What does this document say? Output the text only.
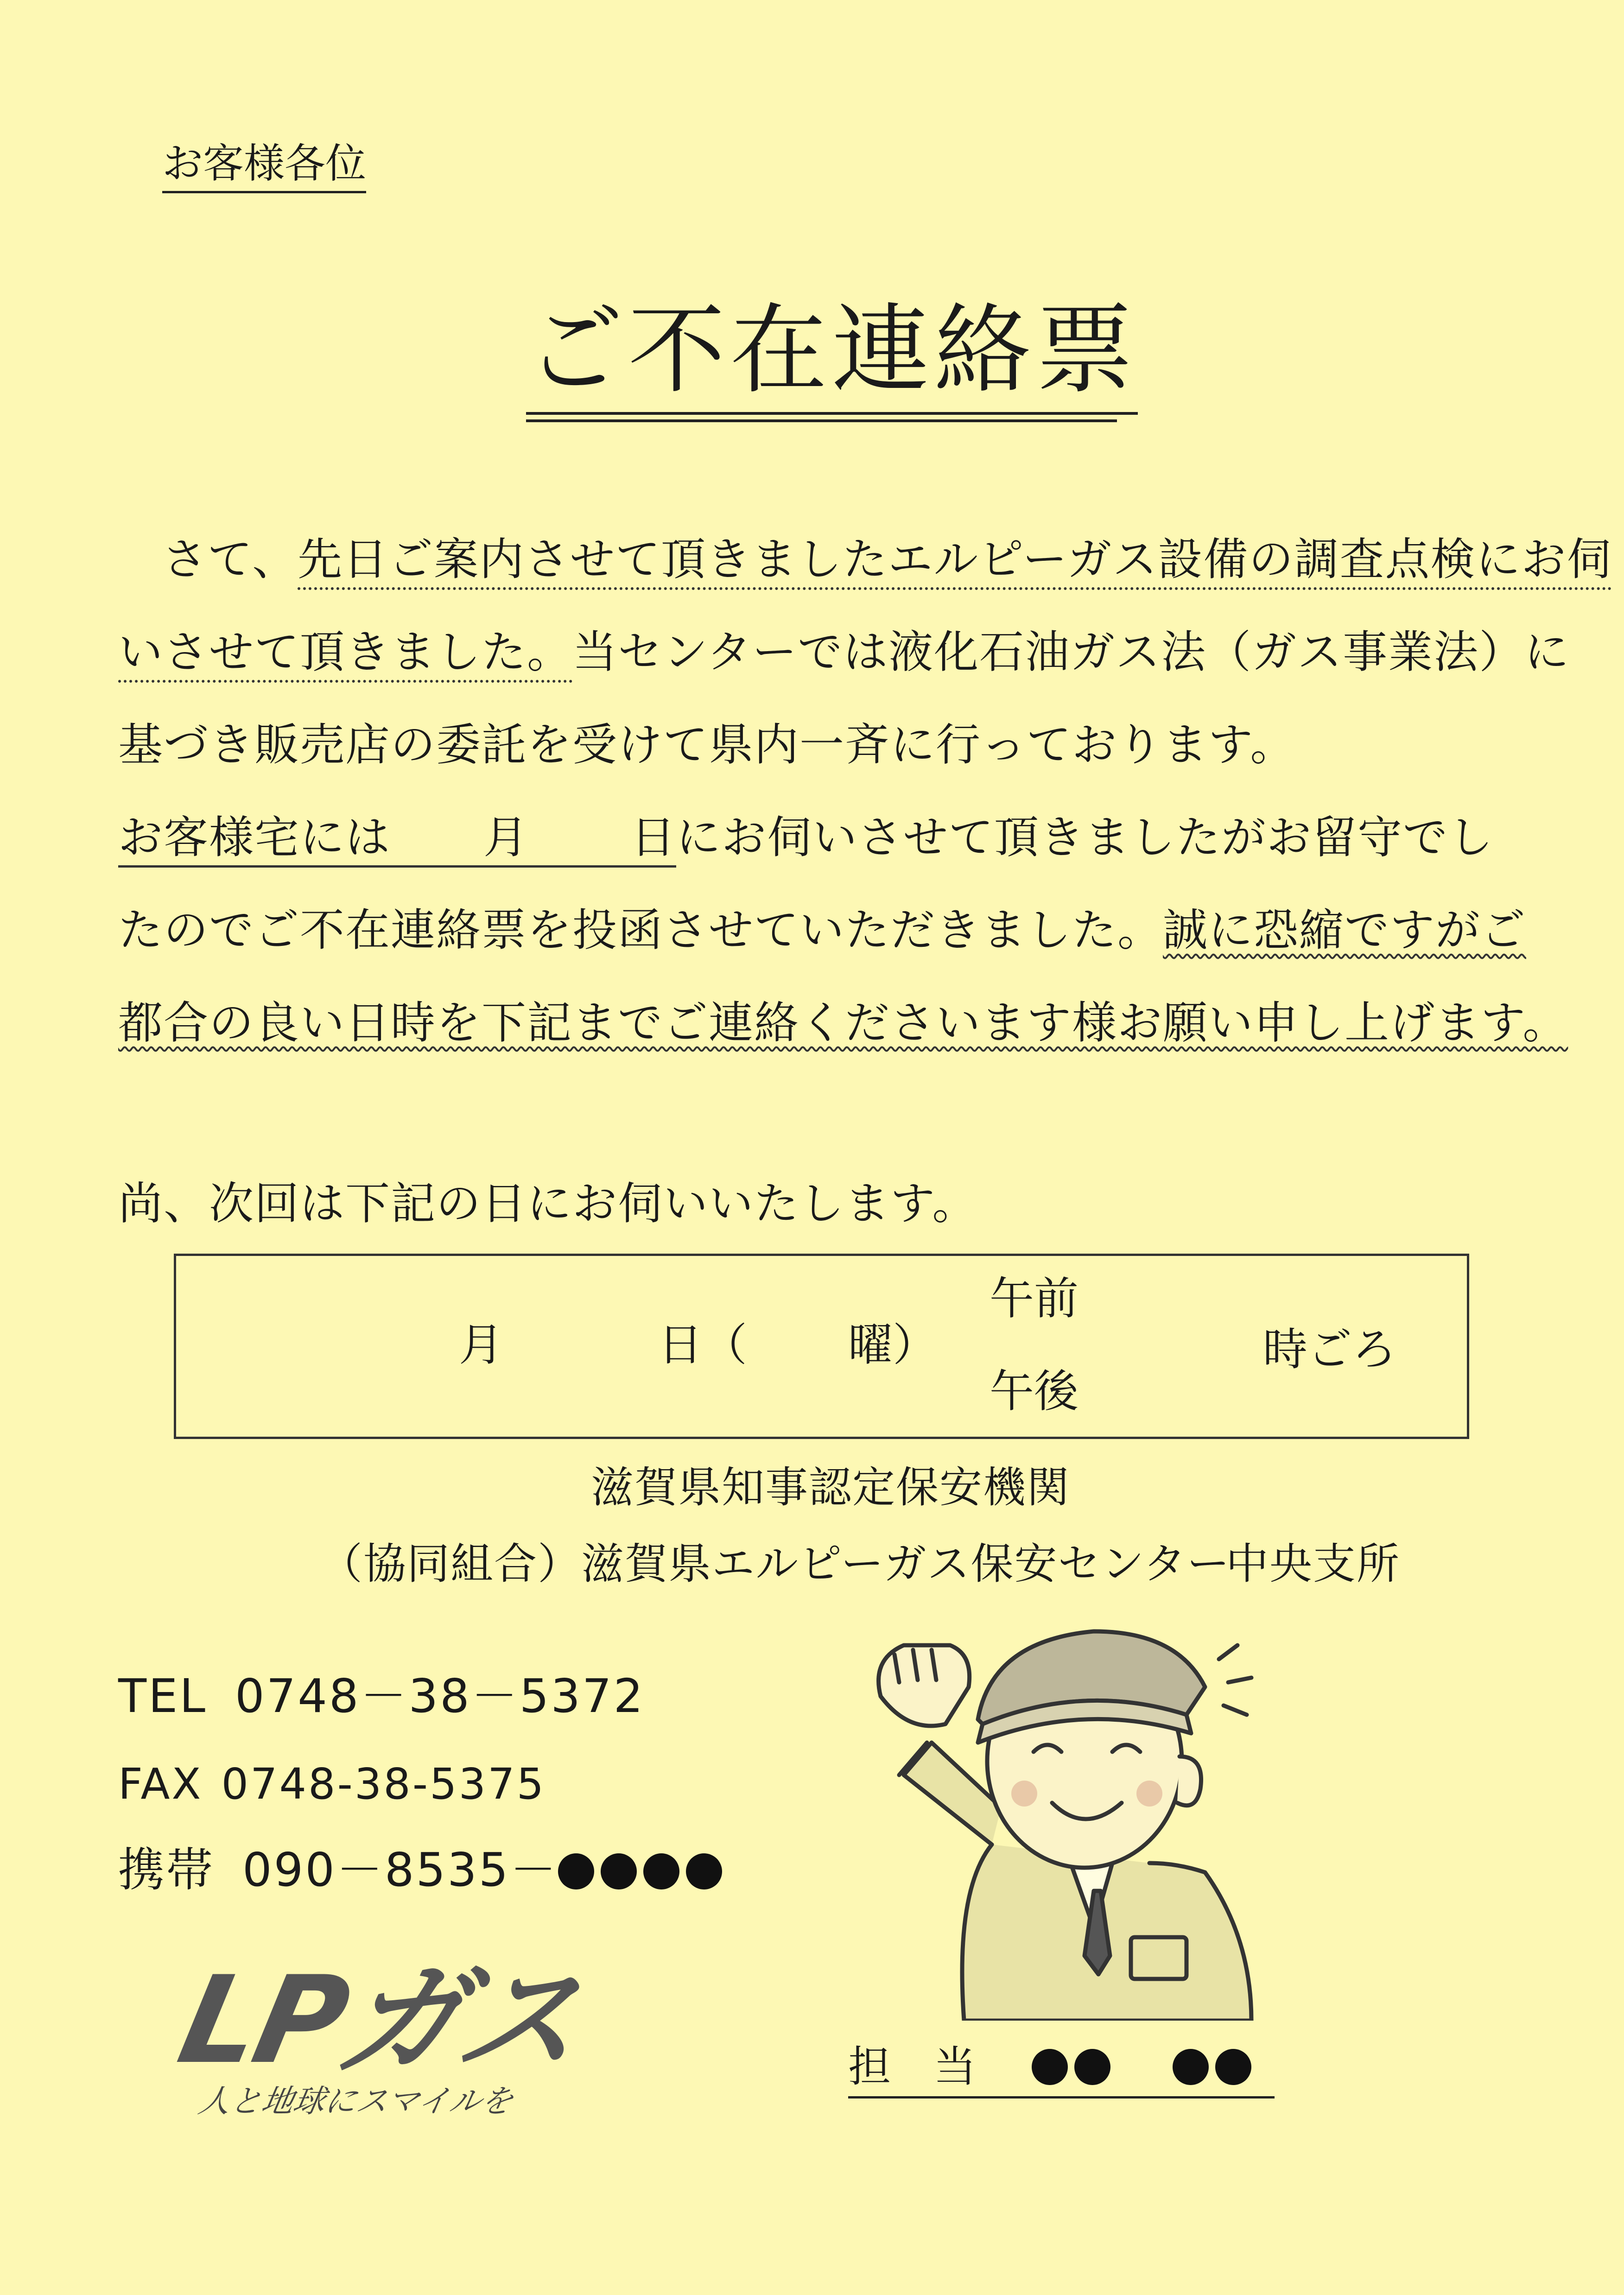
お客様各位
ご不在連絡票
さて、先日ご案内させて頂きましたエルピーガス設備の調査点検にお伺
いさせて頂きました。当センターでは液化石油ガス法（ガス事業法）に
基づき販売店の委託を受けて県内一斉に行っております。
お客様宅には 月 日にお伺いさせて頂きましたがお留守でし
たのでご不在連絡票を投函させていただきました。誠に恐縮ですがご
都合の良い日時を下記までご連絡くださいます様お願い申し上げます。
尚、次回は下記の日にお伺いいたします。
月	日（ 曜）
午前
午後
時ごろ
滋賀県知事認定保安機関
（協同組合）滋賀県エルピーガス保安センター
中央支所
TEL 0748－38－5372
FAX 0748-38-5375
携帯 090－8535－
担　当
LPガス
人と地球にスマイルを
